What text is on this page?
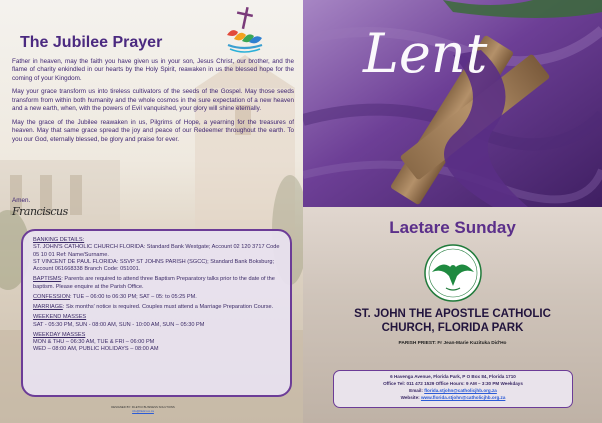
The Jubilee Prayer

Father in heaven, may the faith you have given us in your son, Jesus Christ, our brother, and the flame of charity enkindled in our hearts by the Holy Spirit, reawaken in us the blessed hope for the coming of your Kingdom.

May your grace transform us into tireless cultivators of the seeds of the Gospel. May those seeds transform from within both humanity and the whole cosmos in the sure expectation of a new heaven and a new earth, when, with the powers of Evil vanquished, your glory will shine eternally.

May the grace of the Jubilee reawaken in us, Pilgrims of Hope, a yearning for the treasures of heaven. May that same grace spread the joy and peace of our Redeemer throughout the earth. To you our God, eternally blessed, be glory and praise for ever.

Amen.
Franciscus
BANKING DETAILS:
ST. JOHN'S CATHOLIC CHURCH FLORIDA: Standard Bank Westgate; Account 02 120 3717 Code 05 10 01 Ref: Name/Surname.
ST VINCENT DE PAUL FLORIDA: SSVP ST JOHNS PARISH (SGCC); Standard Bank Boksburg; Account 061668338 Branch Code: 051001.
BAPTISMS: Parents are required to attend three Baptism Preparatory talks prior to the date of the baptism. Please enquire at the Parish Office.
CONFESSION: TUE – 06:00 to 06:30 PM; SAT – 05: to 05:25 PM.
MARRIAGE: Six months' notice is required. Couples must attend a Marriage Preparation Course.
WEEKEND MASSES
SAT - 05:30 PM, SUN - 08:00 AM, SUN - 10:00 AM, SUN – 05:30 PM
WEEKDAY MASSES
MON & THU – 06:30 AM, TUE & FRI – 06:00 PM
WED – 08:00 AM, PUBLIC HOLIDAYS – 08:00 AM
DESIGNED BY: FILETICI BUSINESS SOLUTIONS
info@filetici.co.za
Lent
Laetare Sunday
ST. JOHN THE APOSTLE CATHOLIC
CHURCH, FLORIDA PARK
PARISH PRIEST: Fr Jean-Marie Kuzituka Did'Ho
6 Havenga Avenue, Florida Park, P O Box 84, Florida 1710
Office Tel: 011 472 1529 Office Hours: 9 AM – 3:30 PM Weekdays
Email: florida.stjohn@catholicjhb.org.za
Website: www.florida.stjohn@catholicjhb.org.za
